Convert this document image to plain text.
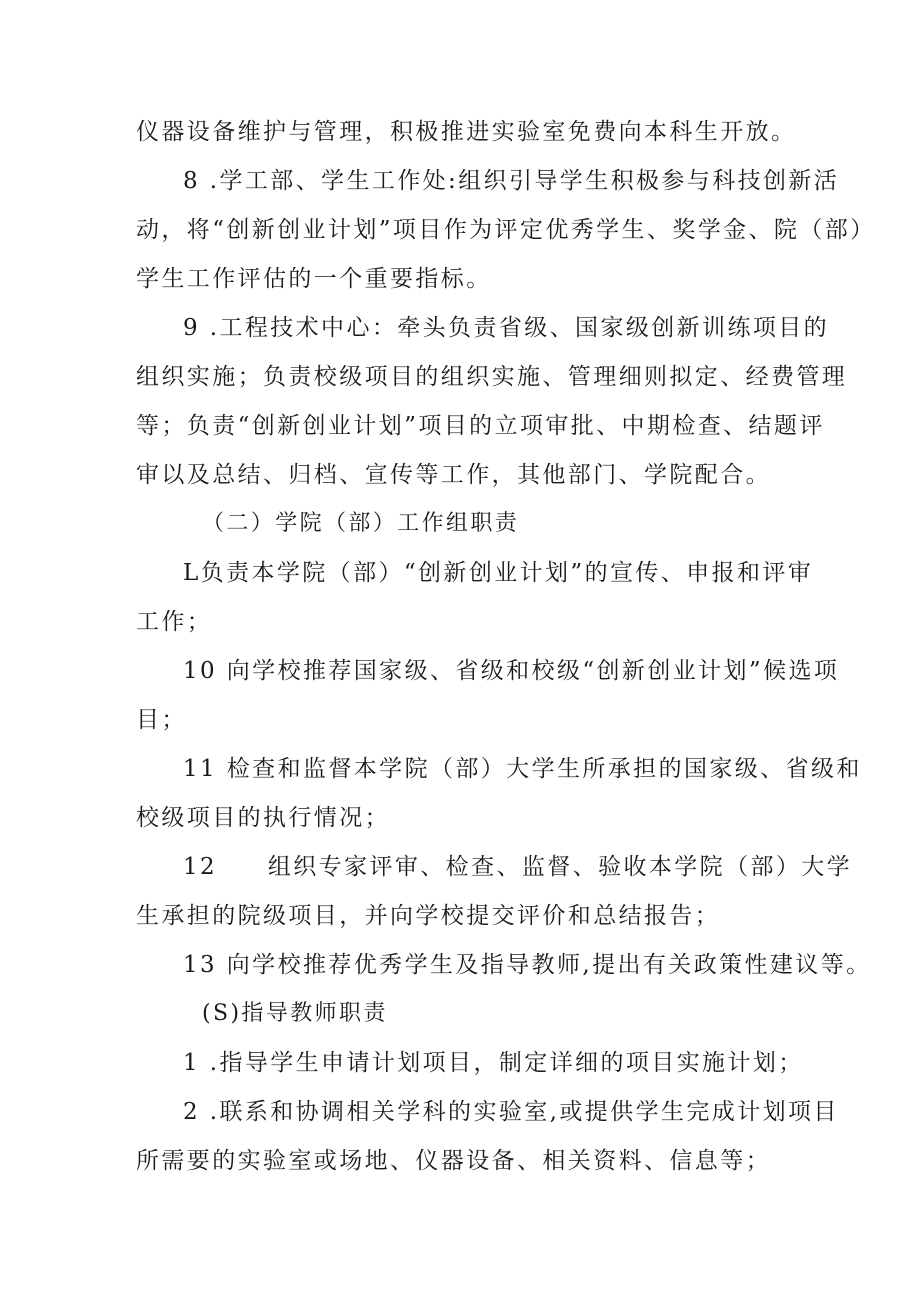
仪器设备维护与管理，积极推进实验室免费向本科生开放。
8 .学工部、学生工作处:组织引导学生积极参与科技创新活
动，将“创新创业计划”项目作为评定优秀学生、奖学金、院（部）
学生工作评估的一个重要指标。
9 .工程技术中心：牵头负责省级、国家级创新训练项目的
组织实施；负责校级项目的组织实施、管理细则拟定、经费管理
等；负责“创新创业计划”项目的立项审批、中期检查、结题评
审以及总结、归档、宣传等工作，其他部门、学院配合。
（二）学院（部）工作组职责
L负责本学院（部）“创新创业计划”的宣传、申报和评审
工作；
10 向学校推荐国家级、省级和校级“创新创业计划”候选项
目；
11 检查和监督本学院（部）大学生所承担的国家级、省级和
校级项目的执行情况；
12　　组织专家评审、检查、监督、验收本学院（部）大学
生承担的院级项目，并向学校提交评价和总结报告；
13 向学校推荐优秀学生及指导教师,提出有关政策性建议等。
(S)指导教师职责
1 .指导学生申请计划项目，制定详细的项目实施计划；
2 .联系和协调相关学科的实验室,或提供学生完成计划项目
所需要的实验室或场地、仪器设备、相关资料、信息等；
